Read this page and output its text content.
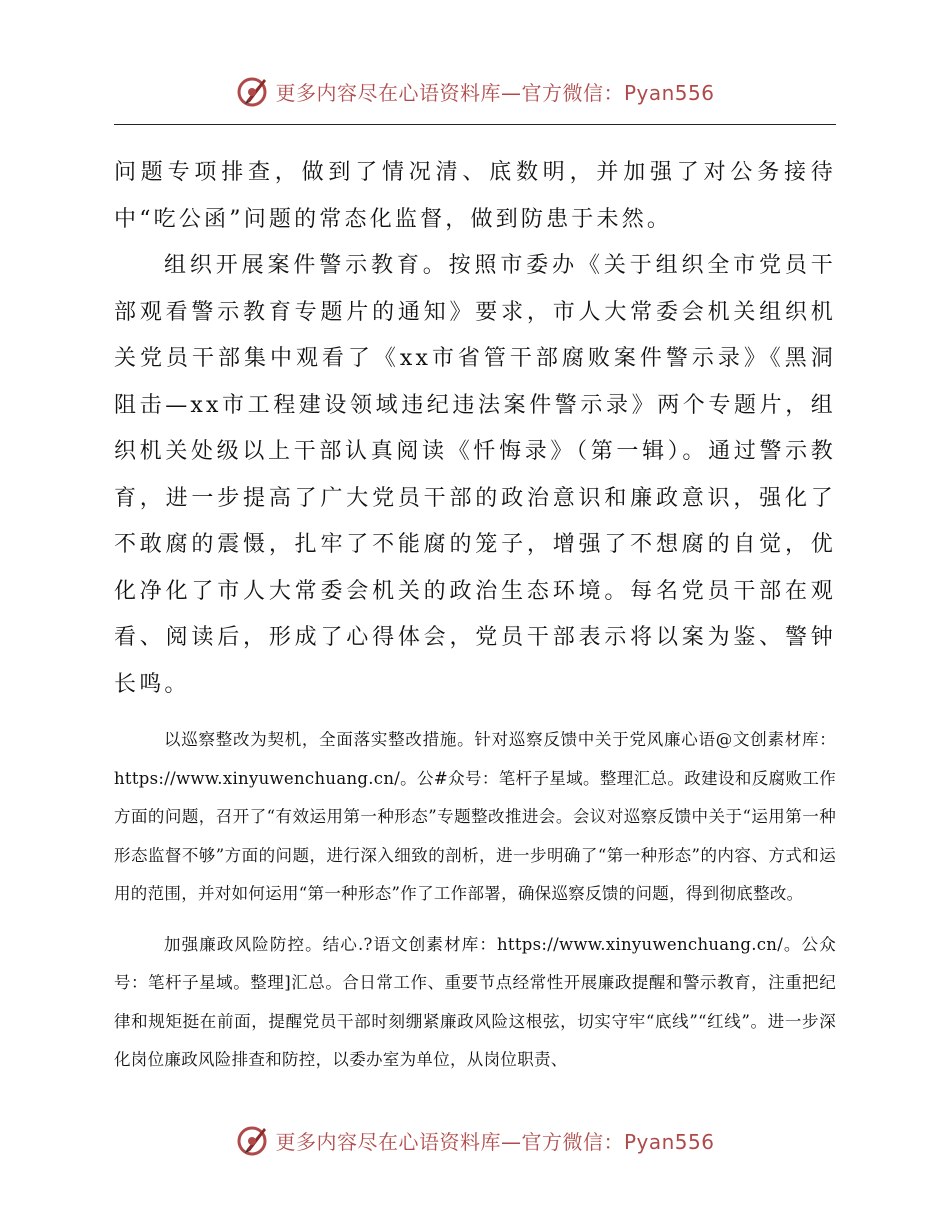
更多内容尽在心语资料库—官方微信：Pyan556

问题专项排查，做到了情况清、底数明，并加强了对公务接待中“吃公函”问题的常态化监督，做到防患于未然。

组织开展案件警示教育。按照市委办《关于组织全市党员干部观看警示教育专题片的通知》要求，市人大常委会机关组织机关党员干部集中观看了《xx市省管干部腐败案件警示录》《黑洞阻击—xx市工程建设领域违纪违法案件警示录》两个专题片，组织机关处级以上干部认真阅读《忏悔录》（第一辑）。通过警示教育，进一步提高了广大党员干部的政治意识和廉政意识，强化了不敢腐的震慑，扎牢了不能腐的笼子，增强了不想腐的自觉，优化净化了市人大常委会机关的政治生态环境。每名党员干部在观看、阅读后，形成了心得体会，党员干部表示将以案为鉴、警钟长鸣。

以巡察整改为契机，全面落实整改措施。针对巡察反馈中关于党风廉心语@文创素材库：https://www.xinyuwenchuang.cn/。公#众号：笔杆子星域。整理汇总。政建设和反腐败工作方面的问题，召开了“有效运用第一种形态”专题整改推进会。会议对巡察反馈中关于“运用第一种形态监督不够”方面的问题，进行深入细致的剖析，进一步明确了“第一种形态”的内容、方式和运用的范围，并对如何运用“第一种形态”作了工作部署，确保巡察反馈的问题，得到彻底整改。

加强廉政风险防控。结心.?语文创素材库：https://www.xinyuwenchuang.cn/。公众号：笔杆子星域。整理]汇总。合日常工作、重要节点经常性开展廉政提醒和警示教育，注重把纪律和规矩挺在前面，提醒党员干部时刻绷紧廉政风险这根弦，切实守牢“底线”“红线”。进一步深化岗位廉政风险排查和防控，以委办室为单位，从岗位职责、

更多内容尽在心语资料库—官方微信：Pyan556
